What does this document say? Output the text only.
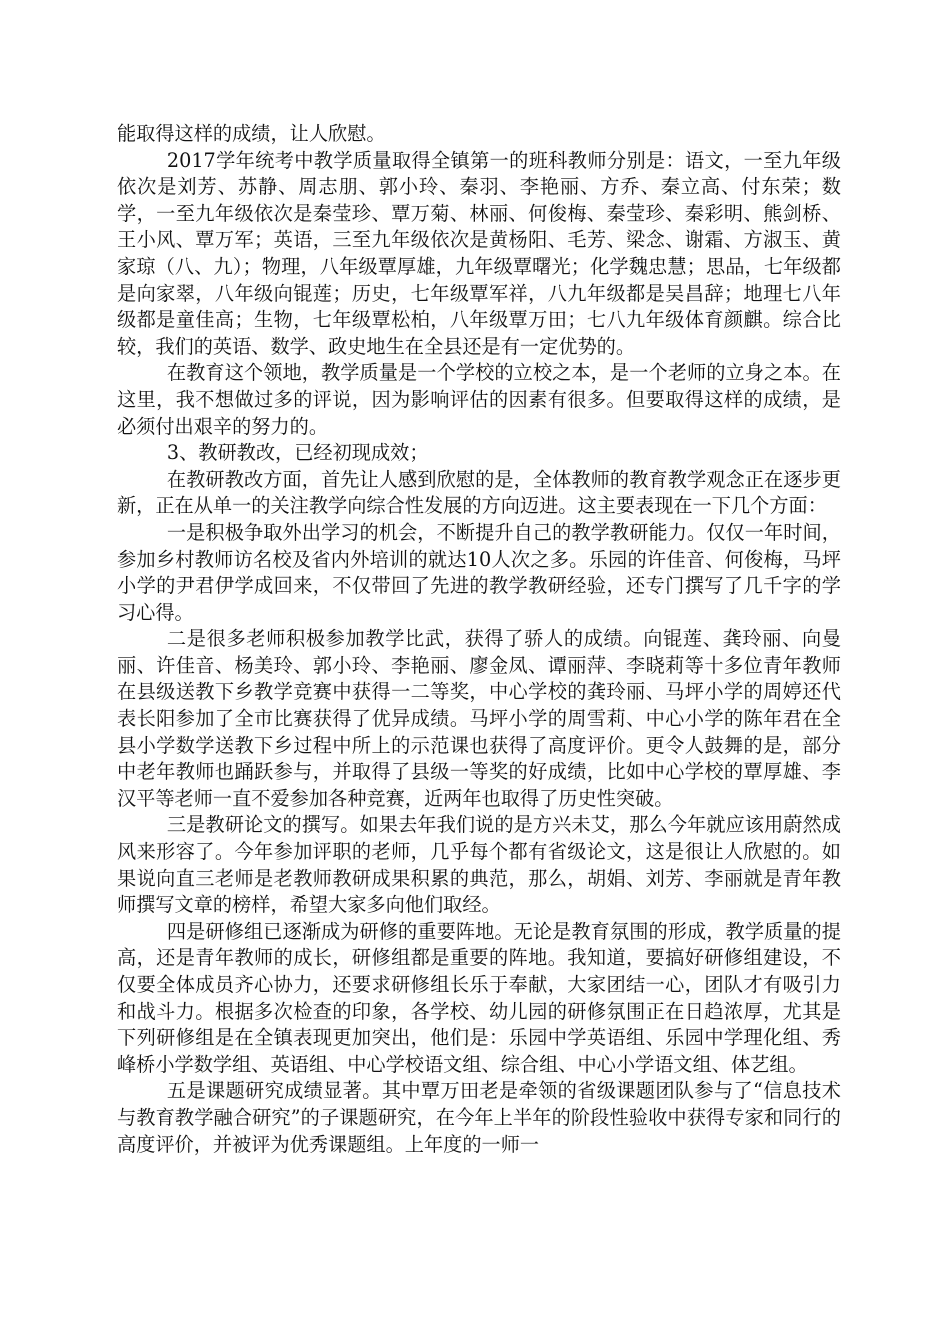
能取得这样的成绩，让人欣慰。

2017学年统考中教学质量取得全镇第一的班科教师分别是：语文，一至九年级依次是刘芳、苏静、周志朋、郭小玲、秦羽、李艳丽、方乔、秦立高、付东荣；数学，一至九年级依次是秦莹珍、覃万菊、林丽、何俊梅、秦莹珍、秦彩明、熊剑桥、王小风、覃万军；英语，三至九年级依次是黄杨阳、毛芳、梁念、谢霜、方淑玉、黄家琼（八、九）；物理，八年级覃厚雄，九年级覃曙光；化学魏忠慧；思品，七年级都是向家翠，八年级向锟莲；历史，七年级覃军祥，八九年级都是吴昌辞；地理七八年级都是童佳高；生物，七年级覃松柏，八年级覃万田；七八九年级体育颜麒。综合比较，我们的英语、数学、政史地生在全县还是有一定优势的。

在教育这个领地，教学质量是一个学校的立校之本，是一个老师的立身之本。在这里，我不想做过多的评说，因为影响评估的因素有很多。但要取得这样的成绩，是必须付出艰辛的努力的。

3、教研教改，已经初现成效；

在教研教改方面，首先让人感到欣慰的是，全体教师的教育教学观念正在逐步更新，正在从单一的关注教学向综合性发展的方向迈进。这主要表现在一下几个方面：

一是积极争取外出学习的机会，不断提升自己的教学教研能力。仅仅一年时间，参加乡村教师访名校及省内外培训的就达10人次之多。乐园的许佳音、何俊梅，马坪小学的尹君伊学成回来，不仅带回了先进的教学教研经验，还专门撰写了几千字的学习心得。

二是很多老师积极参加教学比武，获得了骄人的成绩。向锟莲、龚玲丽、向曼丽、许佳音、杨美玲、郭小玲、李艳丽、廖金凤、谭丽萍、李晓莉等十多位青年教师在县级送教下乡教学竞赛中获得一二等奖，中心学校的龚玲丽、马坪小学的周婷还代表长阳参加了全市比赛获得了优异成绩。马坪小学的周雪莉、中心小学的陈年君在全县小学数学送教下乡过程中所上的示范课也获得了高度评价。更令人鼓舞的是，部分中老年教师也踊跃参与，并取得了县级一等奖的好成绩，比如中心学校的覃厚雄、李汉平等老师一直不爱参加各种竞赛，近两年也取得了历史性突破。

三是教研论文的撰写。如果去年我们说的是方兴未艾，那么今年就应该用蔚然成风来形容了。今年参加评职的老师，几乎每个都有省级论文，这是很让人欣慰的。如果说向直三老师是老教师教研成果积累的典范，那么，胡娟、刘芳、李丽就是青年教师撰写文章的榜样，希望大家多向他们取经。

四是研修组已逐渐成为研修的重要阵地。无论是教育氛围的形成，教学质量的提高，还是青年教师的成长，研修组都是重要的阵地。我知道，要搞好研修组建设，不仅要全体成员齐心协力，还要求研修组长乐于奉献，大家团结一心，团队才有吸引力和战斗力。根据多次检查的印象，各学校、幼儿园的研修氛围正在日趋浓厚，尤其是下列研修组是在全镇表现更加突出，他们是：乐园中学英语组、乐园中学理化组、秀峰桥小学数学组、英语组、中心学校语文组、综合组、中心小学语文组、体艺组。

五是课题研究成绩显著。其中覃万田老是牵领的省级课题团队参与了“信息技术与教育教学融合研究”的子课题研究，在今年上半年的阶段性验收中获得专家和同行的高度评价，并被评为优秀课题组。上年度的一师一
